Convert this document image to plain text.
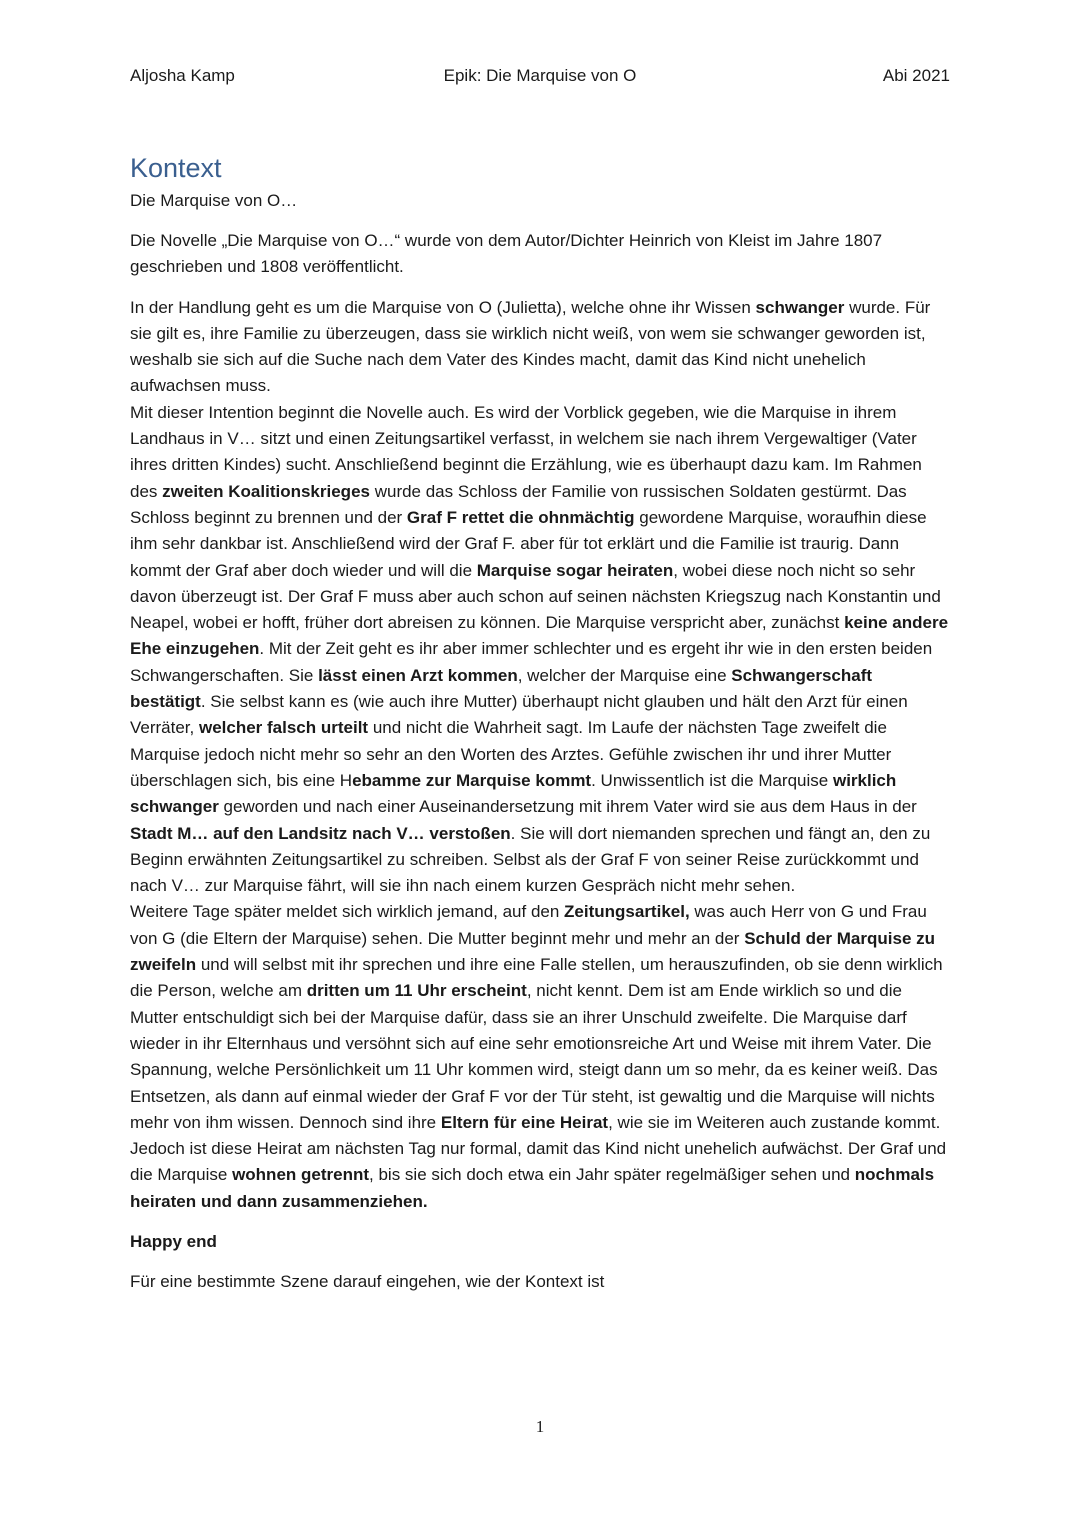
Aljosha Kamp	Epik: Die Marquise von O	Abi 2021
Kontext

Die Marquise von O…

Die Novelle „Die Marquise von O…“ wurde von dem Autor/Dichter Heinrich von Kleist im Jahre 1807 geschrieben und 1808 veröffentlicht.

In der Handlung geht es um die Marquise von O (Julietta), welche ohne ihr Wissen schwanger wurde. Für sie gilt es, ihre Familie zu überzeugen, dass sie wirklich nicht weiß, von wem sie schwanger geworden ist, weshalb sie sich auf die Suche nach dem Vater des Kindes macht, damit das Kind nicht unehelich aufwachsen muss.
Mit dieser Intention beginnt die Novelle auch. Es wird der Vorblick gegeben, wie die Marquise in ihrem Landhaus in V… sitzt und einen Zeitungsartikel verfasst, in welchem sie nach ihrem Vergewaltiger (Vater ihres dritten Kindes) sucht. Anschließend beginnt die Erzählung, wie es überhaupt dazu kam. Im Rahmen des zweiten Koalitionskrieges wurde das Schloss der Familie von russischen Soldaten gestürmt. Das Schloss beginnt zu brennen und der Graf F rettet die ohnmächtig gewordene Marquise, woraufhin diese ihm sehr dankbar ist. Anschließend wird der Graf F. aber für tot erklärt und die Familie ist traurig. Dann kommt der Graf aber doch wieder und will die Marquise sogar heiraten, wobei diese noch nicht so sehr davon überzeugt ist. Der Graf F muss aber auch schon auf seinen nächsten Kriegszug nach Konstantin und Neapel, wobei er hofft, früher dort abreisen zu können. Die Marquise verspricht aber, zunächst keine andere Ehe einzugehen. Mit der Zeit geht es ihr aber immer schlechter und es ergeht ihr wie in den ersten beiden Schwangerschaften. Sie lässt einen Arzt kommen, welcher der Marquise eine Schwangerschaft bestätigt. Sie selbst kann es (wie auch ihre Mutter) überhaupt nicht glauben und hält den Arzt für einen Verräter, welcher falsch urteilt und nicht die Wahrheit sagt. Im Laufe der nächsten Tage zweifelt die Marquise jedoch nicht mehr so sehr an den Worten des Arztes. Gefühle zwischen ihr und ihrer Mutter überschlagen sich, bis eine Hebamme zur Marquise kommt. Unwissentlich ist die Marquise wirklich schwanger geworden und nach einer Auseinandersetzung mit ihrem Vater wird sie aus dem Haus in der Stadt M… auf den Landsitz nach V… verstoßen. Sie will dort niemanden sprechen und fängt an, den zu Beginn erwähnten Zeitungsartikel zu schreiben. Selbst als der Graf F von seiner Reise zurückkommt und nach V… zur Marquise fährt, will sie ihn nach einem kurzen Gespräch nicht mehr sehen.
Weitere Tage später meldet sich wirklich jemand, auf den Zeitungsartikel, was auch Herr von G und Frau von G (die Eltern der Marquise) sehen. Die Mutter beginnt mehr und mehr an der Schuld der Marquise zu zweifeln und will selbst mit ihr sprechen und ihre eine Falle stellen, um herauszufinden, ob sie denn wirklich die Person, welche am dritten um 11 Uhr erscheint, nicht kennt. Dem ist am Ende wirklich so und die Mutter entschuldigt sich bei der Marquise dafür, dass sie an ihrer Unschuld zweifelte. Die Marquise darf wieder in ihr Elternhaus und versöhnt sich auf eine sehr emotionsreiche Art und Weise mit ihrem Vater. Die Spannung, welche Persönlichkeit um 11 Uhr kommen wird, steigt dann um so mehr, da es keiner weiß. Das Entsetzen, als dann auf einmal wieder der Graf F vor der Tür steht, ist gewaltig und die Marquise will nichts mehr von ihm wissen. Dennoch sind ihre Eltern für eine Heirat, wie sie im Weiteren auch zustande kommt. Jedoch ist diese Heirat am nächsten Tag nur formal, damit das Kind nicht unehelich aufwächst. Der Graf und die Marquise wohnen getrennt, bis sie sich doch etwa ein Jahr später regelmäßiger sehen und nochmals heiraten und dann zusammenziehen.

Happy end

Für eine bestimmte Szene darauf eingehen, wie der Kontext ist

1
